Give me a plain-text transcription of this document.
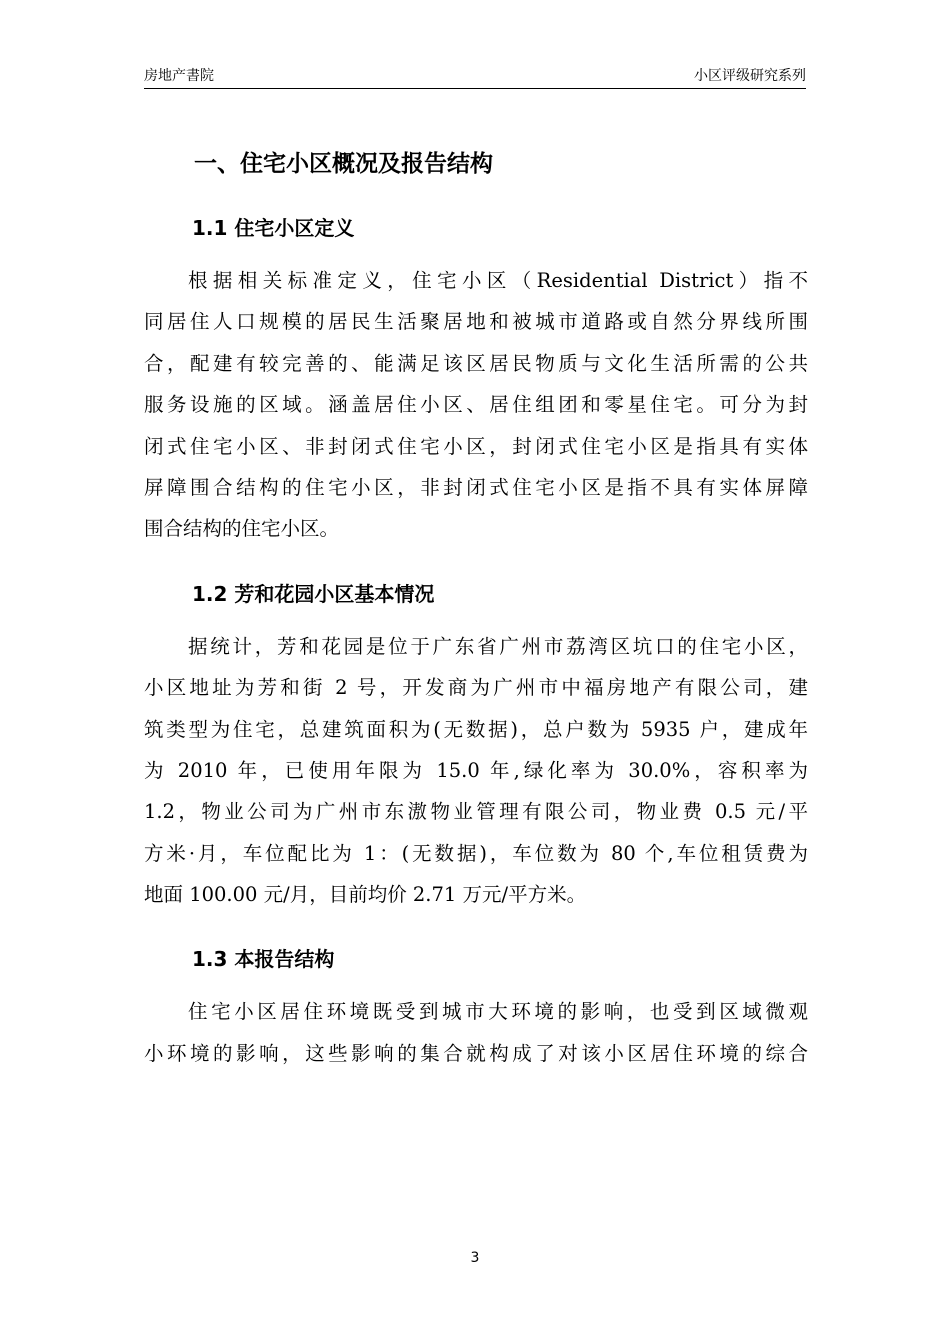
房地产書院	小区评级研究系列
一、住宅小区概况及报告结构
1.1 住宅小区定义
根据相关标准定义，住宅小区（Residential District）指不
同居住人口规模的居民生活聚居地和被城市道路或自然分界线所围
合，配建有较完善的、能满足该区居民物质与文化生活所需的公共
服务设施的区域。涵盖居住小区、居住组团和零星住宅。可分为封
闭式住宅小区、非封闭式住宅小区，封闭式住宅小区是指具有实体
屏障围合结构的住宅小区，非封闭式住宅小区是指不具有实体屏障
围合结构的住宅小区。
1.2 芳和花园小区基本情况
据统计，芳和花园是位于广东省广州市荔湾区坑口的住宅小区，
小区地址为芳和街 2 号，开发商为广州市中福房地产有限公司，建
筑类型为住宅，总建筑面积为(无数据)，总户数为 5935 户，建成年
为 2010 年，已使用年限为 15.0 年,绿化率为 30.0%，容积率为
1.2，物业公司为广州市东滶物业管理有限公司，物业费 0.5 元/平
方米·月，车位配比为 1：(无数据)，车位数为 80 个,车位租赁费为
地面 100.00 元/月，目前均价 2.71 万元/平方米。
1.3 本报告结构
住宅小区居住环境既受到城市大环境的影响，也受到区域微观
小环境的影响，这些影响的集合就构成了对该小区居住环境的综合
3
